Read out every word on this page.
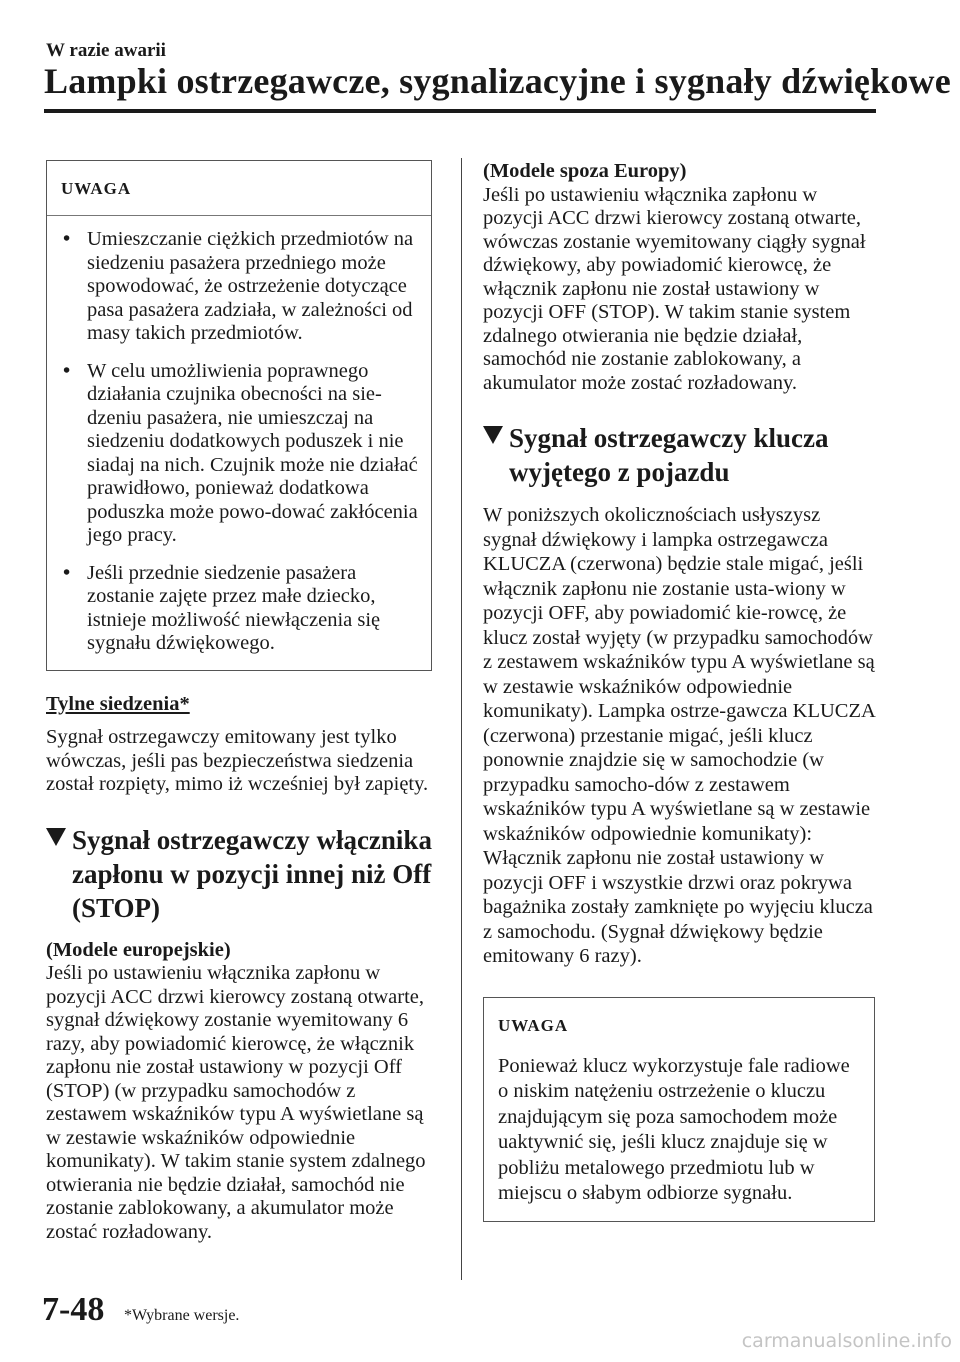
W razie awarii
Lampki ostrzegawcze, sygnalizacyjne i sygnały dźwiękowe
UWAGA
• Umieszczanie ciężkich przedmiotów na siedzeniu pasażera przedniego może spowodować, że ostrzeżenie dotyczące pasa pasażera zadziała, w zależności od masy takich przedmiotów.
• W celu umożliwienia poprawnego działania czujnika obecności na sie-dzeniu pasażera, nie umieszczaj na siedzeniu dodatkowych poduszek i nie siadaj na nich. Czujnik może nie działać prawidłowo, ponieważ dodatkowa poduszka może powo-dować zakłócenia jego pracy.
• Jeśli przednie siedzenie pasażera zostanie zajęte przez małe dziecko, istnieje możliwość niewłączenia się sygnału dźwiękowego.
Tylne siedzenia*

Sygnał ostrzegawczy emitowany jest tylko wówczas, jeśli pas bezpieczeństwa siedzenia został rozpięty, mimo iż wcześniej był zapięty.

Sygnał ostrzegawczy włącznika zapłonu w pozycji innej niż Off (STOP)
(Modele europejskie)

Jeśli po ustawieniu włącznika zapłonu w pozycji ACC drzwi kierowcy zostaną otwarte, sygnał dźwiękowy zostanie wyemitowany 6 razy, aby powiadomić kierowcę, że włącznik zapłonu nie został ustawiony w pozycji Off (STOP) (w przypadku samochodów z zestawem wskaźników typu A wyświetlane są w zestawie wskaźników odpowiednie komunikaty). W takim stanie system zdalnego otwierania nie będzie działał, samochód nie zostanie zablokowany, a akumulator może zostać rozładowany.

(Modele spoza Europy)

Jeśli po ustawieniu włącznika zapłonu w pozycji ACC drzwi kierowcy zostaną otwarte, wówczas zostanie wyemitowany ciągły sygnał dźwiękowy, aby powiadomić kierowcę, że włącznik zapłonu nie został ustawiony w pozycji OFF (STOP). W takim stanie system zdalnego otwierania nie będzie działał, samochód nie zostanie zablokowany, a akumulator może zostać rozładowany.

Sygnał ostrzegawczy klucza wyjętego z pojazdu

W poniższych okolicznościach usłyszysz sygnał dźwiękowy i lampka ostrzegawcza KLUCZA (czerwona) będzie stale migać, jeśli włącznik zapłonu nie zostanie usta-wiony w pozycji OFF, aby powiadomić kie-rowcę, że klucz został wyjęty (w przypadku samochodów z zestawem wskaźników typu A wyświetlane są w zestawie wskaźników odpowiednie komunikaty). Lampka ostrze-gawcza KLUCZA (czerwona) przestanie migać, jeśli klucz ponownie znajdzie się w samochodzie (w przypadku samocho-dów z zestawem wskaźników typu A wyświetlane są w zestawie wskaźników odpowiednie komunikaty):

Włącznik zapłonu nie został ustawiony w pozycji OFF i wszystkie drzwi oraz pokrywa bagażnika zostały zamknięte po wyjęciu klucza z samochodu. (Sygnał dźwiękowy będzie emitowany 6 razy).

UWAGA
Ponieważ klucz wykorzystuje fale radiowe o niskim natężeniu ostrzeżenie o kluczu znajdującym się poza samochodem może uaktywnić się, jeśli klucz znajduje się w pobliżu metalowego przedmiotu lub w miejscu o słabym odbiorze sygnału.
7-48 *Wybrane wersje.
carmanualsonline.info
